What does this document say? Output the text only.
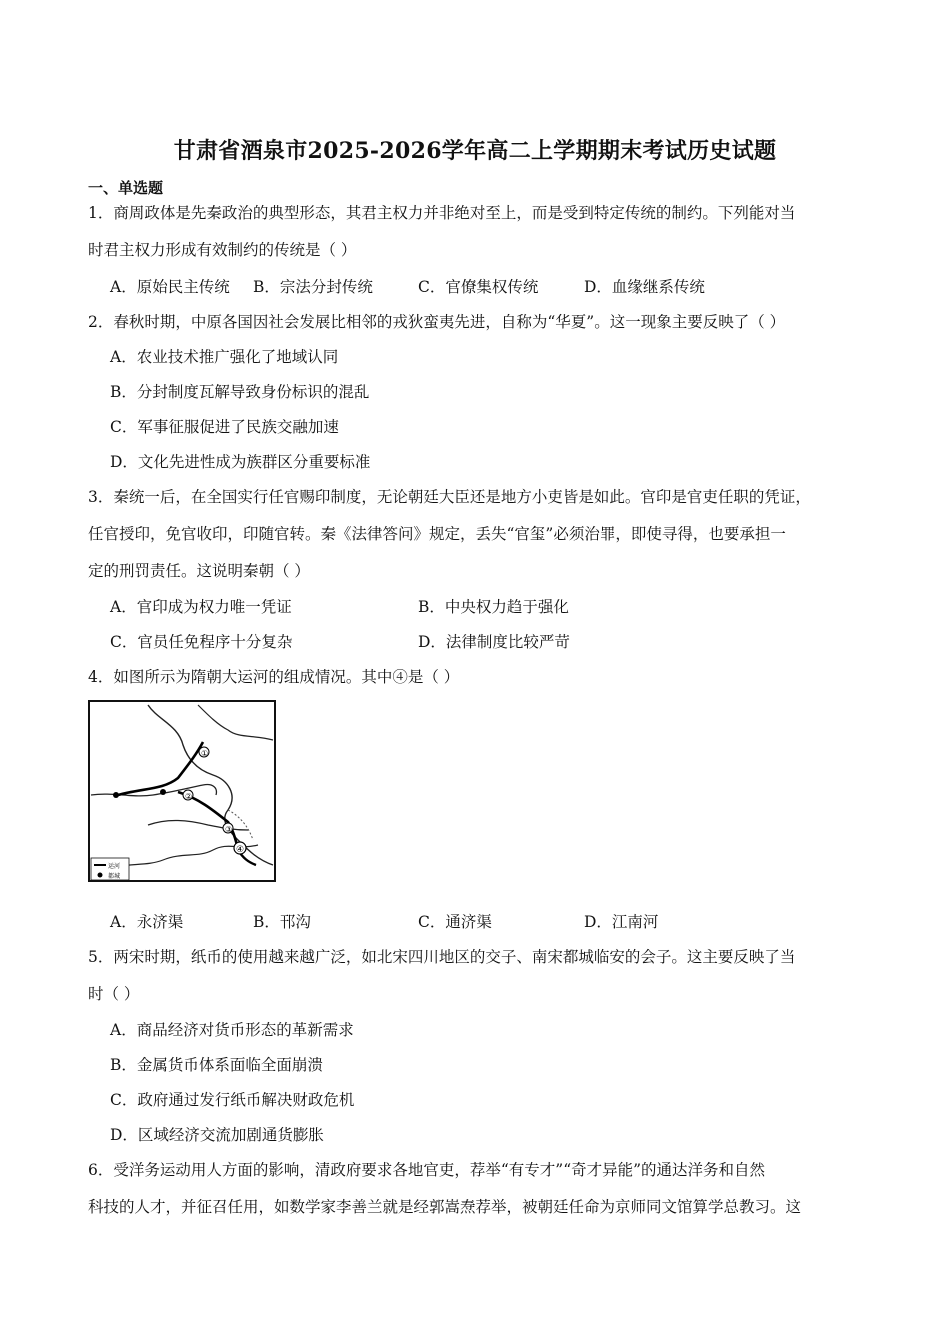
甘肃省酒泉市2025-2026学年高二上学期期末考试历史试题
一、单选题
1．商周政体是先秦政治的典型形态，其君主权力并非绝对至上，而是受到特定传统的制约。下列能对当
时君主权力形成有效制约的传统是（ ）
A．原始民主传统 B．宗法分封传统	C．官僚集权传统	D．血缘继系传统
2．春秋时期，中原各国因社会发展比相邻的戎狄蛮夷先进，自称为“华夏”。这一现象主要反映了（ ）
A．农业技术推广强化了地域认同
B．分封制度瓦解导致身份标识的混乱
C．军事征服促进了民族交融加速
D．文化先进性成为族群区分重要标准
3．秦统一后，在全国实行任官赐印制度，无论朝廷大臣还是地方小吏皆是如此。官印是官吏任职的凭证，
任官授印，免官收印，印随官转。秦《法律答问》规定，丢失“官玺”必须治罪，即使寻得，也要承担一
定的刑罚责任。这说明秦朝（ ）
A．官印成为权力唯一凭证	B．中央权力趋于强化
C．官员任免程序十分复杂	D．法律制度比较严苛
4．如图所示为隋朝大运河的组成情况。其中④是（ ）
①
②
③
④
运河
都城
A．永济渠	B．邗沟	C．通济渠	D．江南河
5．两宋时期，纸币的使用越来越广泛，如北宋四川地区的交子、南宋都城临安的会子。这主要反映了当
时（ ）
A．商品经济对货币形态的革新需求
B．金属货币体系面临全面崩溃
C．政府通过发行纸币解决财政危机
D．区域经济交流加剧通货膨胀
6．受洋务运动用人方面的影响，清政府要求各地官吏，荐举“有专才”“奇才异能”的通达洋务和自然
科技的人才，并征召任用，如数学家李善兰就是经郭嵩焘荐举，被朝廷任命为京师同文馆算学总教习。这
